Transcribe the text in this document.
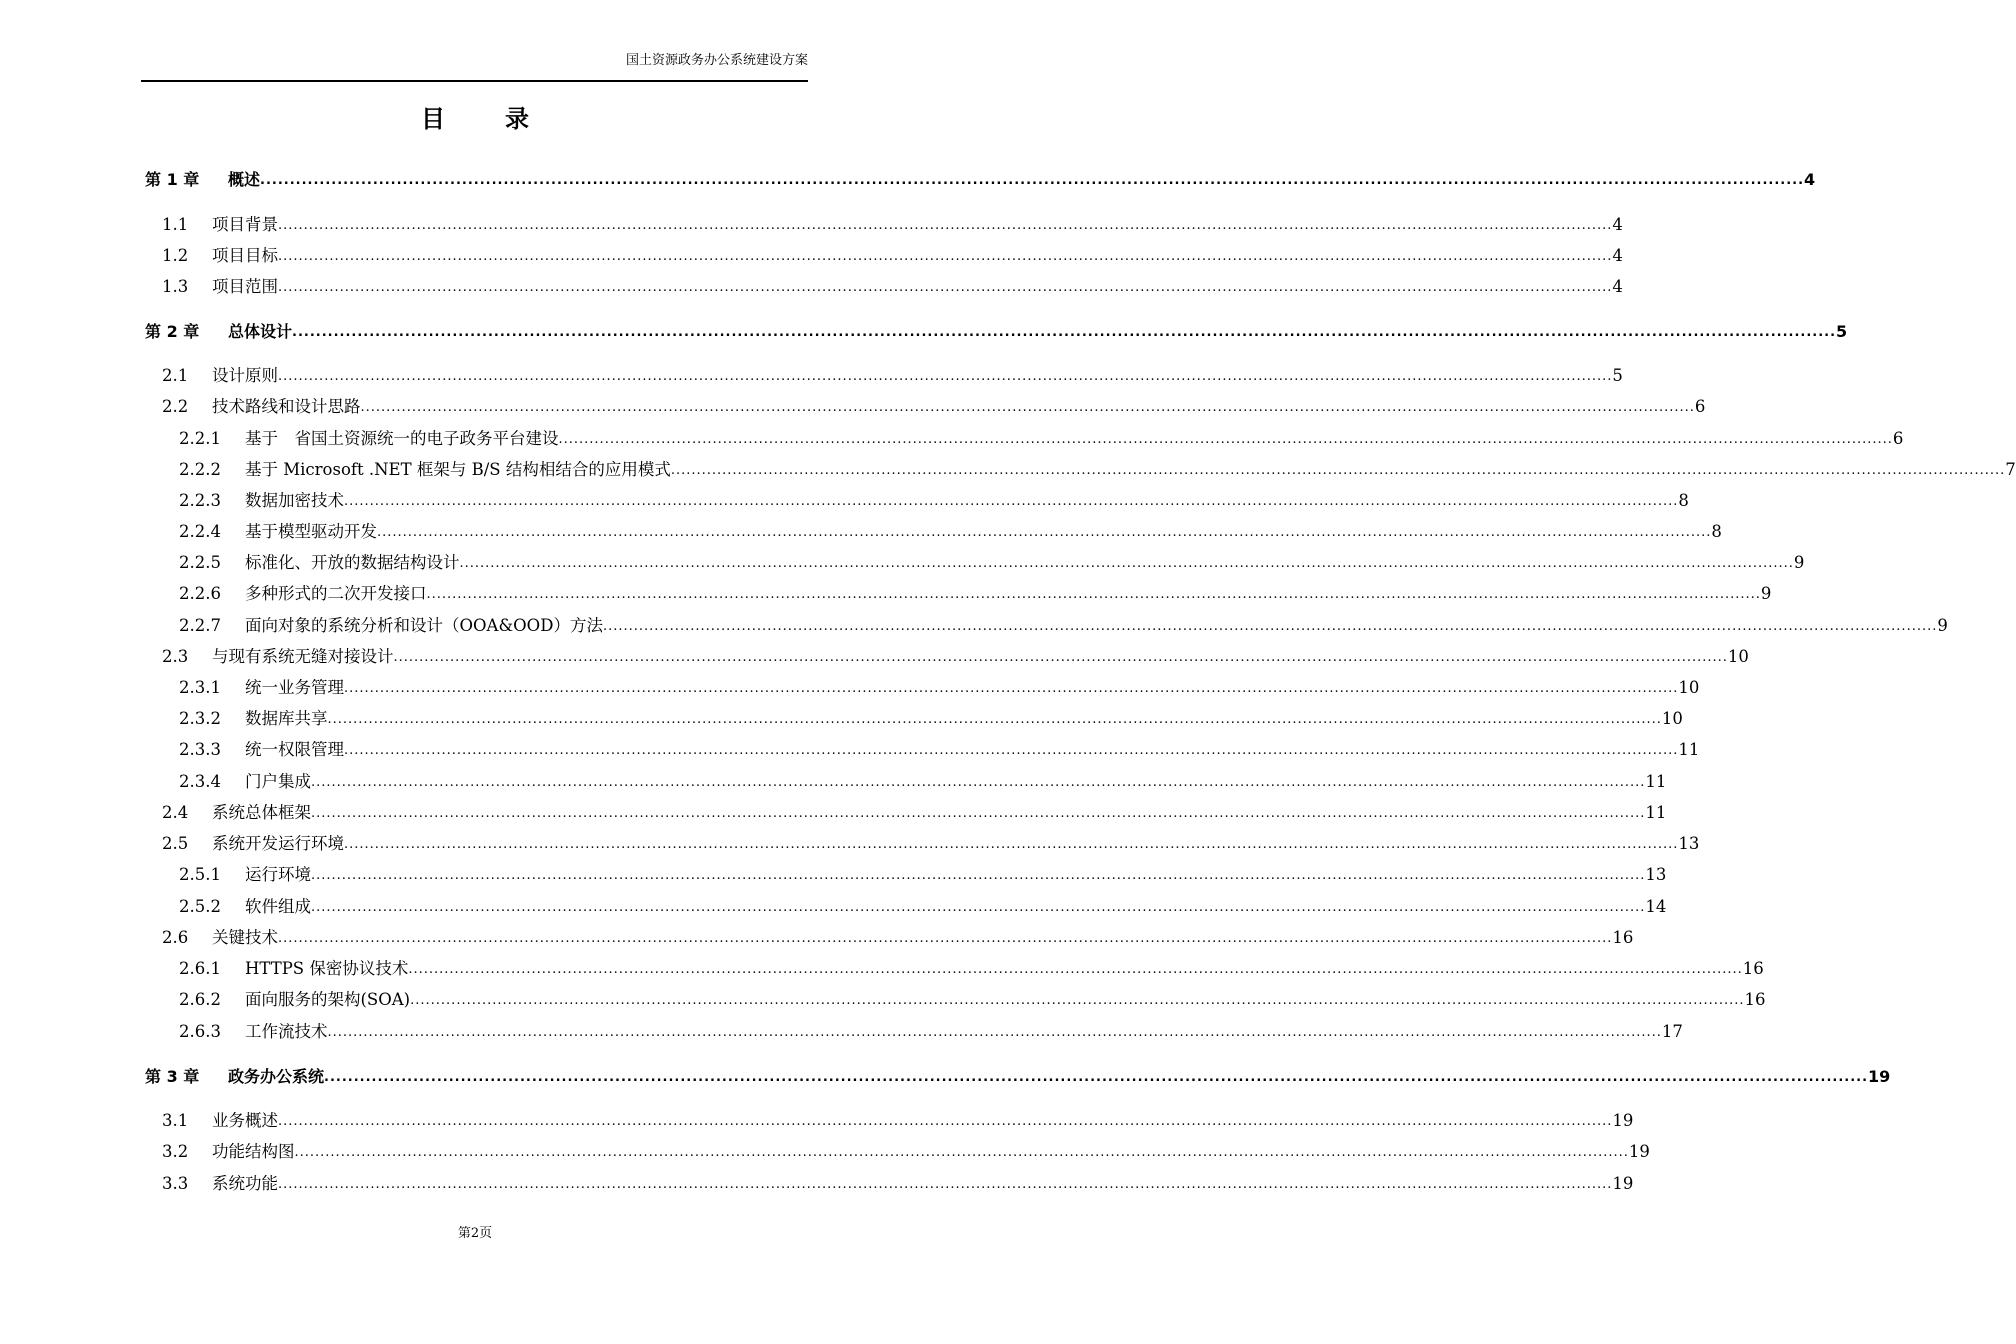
国土资源政务办公系统建设方案
目　录
第 1 章 概述 .................................................................................................................................................................................................................................................................... 4
1.1 项目背景 .................................................................................................................................................................................................................................................................... 4
1.2 项目目标 .................................................................................................................................................................................................................................................................... 4
1.3 项目范围 .................................................................................................................................................................................................................................................................... 4
第 2 章 总体设计 .................................................................................................................................................................................................................................................................... 5
2.1 设计原则 .................................................................................................................................................................................................................................................................... 5
2.2 技术路线和设计思路 .................................................................................................................................................................................................................................................................... 6
2.2.1 基于　省国土资源统一的电子政务平台建设 .................................................................................................................................................................................................................................................................... 6
2.2.2 基于 Microsoft .NET 框架与 B/S 结构相结合的应用模式 .................................................................................................................................................................................................................................................................... 7
2.2.3 数据加密技术 .................................................................................................................................................................................................................................................................... 8
2.2.4 基于模型驱动开发 .................................................................................................................................................................................................................................................................... 8
2.2.5 标准化、开放的数据结构设计 .................................................................................................................................................................................................................................................................... 9
2.2.6 多种形式的二次开发接口 .................................................................................................................................................................................................................................................................... 9
2.2.7 面向对象的系统分析和设计（OOA&OOD）方法 .................................................................................................................................................................................................................................................................... 9
2.3 与现有系统无缝对接设计 .................................................................................................................................................................................................................................................................... 10
2.3.1 统一业务管理 .................................................................................................................................................................................................................................................................... 10
2.3.2 数据库共享 .................................................................................................................................................................................................................................................................... 10
2.3.3 统一权限管理 .................................................................................................................................................................................................................................................................... 11
2.3.4 门户集成 .................................................................................................................................................................................................................................................................... 11
2.4 系统总体框架 .................................................................................................................................................................................................................................................................... 11
2.5 系统开发运行环境 .................................................................................................................................................................................................................................................................... 13
2.5.1 运行环境 .................................................................................................................................................................................................................................................................... 13
2.5.2 软件组成 .................................................................................................................................................................................................................................................................... 14
2.6 关键技术 .................................................................................................................................................................................................................................................................... 16
2.6.1 HTTPS 保密协议技术 .................................................................................................................................................................................................................................................................... 16
2.6.2 面向服务的架构(SOA) .................................................................................................................................................................................................................................................................... 16
2.6.3 工作流技术 .................................................................................................................................................................................................................................................................... 17
第 3 章 政务办公系统 .................................................................................................................................................................................................................................................................... 19
3.1 业务概述 .................................................................................................................................................................................................................................................................... 19
3.2 功能结构图 .................................................................................................................................................................................................................................................................... 19
3.3 系统功能 .................................................................................................................................................................................................................................................................... 19
第2页
